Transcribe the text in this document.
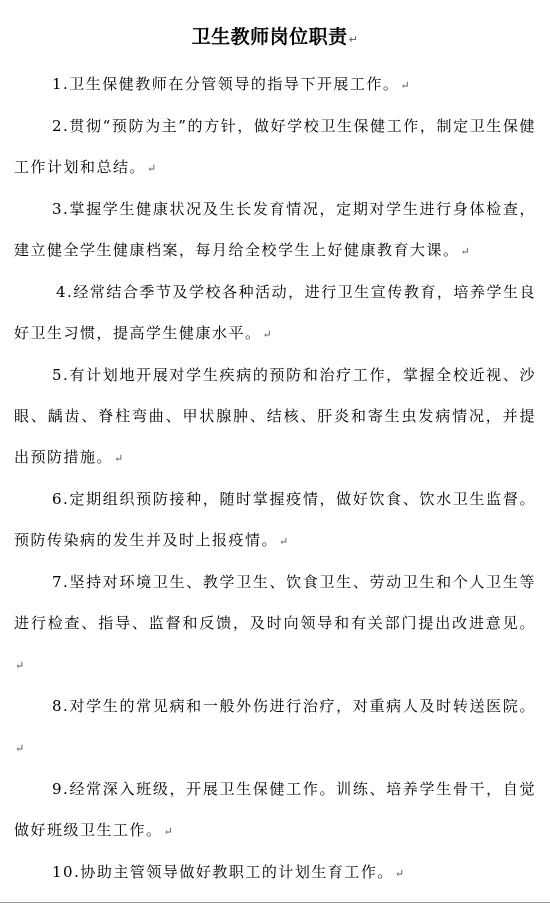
卫生教师岗位职责↵
1.卫生保健教师在分管领导的指导下开展工作。↵
2.贯彻“预防为主”的方针，做好学校卫生保健工作，制定卫生保健工作计划和总结。↵
3.掌握学生健康状况及生长发育情况，定期对学生进行身体检查，建立健全学生健康档案，每月给全校学生上好健康教育大课。↵
4.经常结合季节及学校各种活动，进行卫生宣传教育，培养学生良好卫生习惯，提高学生健康水平。↵
5.有计划地开展对学生疾病的预防和治疗工作，掌握全校近视、沙眼、龋齿、脊柱弯曲、甲状腺肿、结核、肝炎和寄生虫发病情况，并提出预防措施。↵
6.定期组织预防接种，随时掌握疫情，做好饮食、饮水卫生监督。预防传染病的发生并及时上报疫情。↵
7.坚持对环境卫生、教学卫生、饮食卫生、劳动卫生和个人卫生等进行检查、指导、监督和反馈，及时向领导和有关部门提出改进意见。↵
8.对学生的常见病和一般外伤进行治疗，对重病人及时转送医院。↵
9.经常深入班级，开展卫生保健工作。训练、培养学生骨干，自觉做好班级卫生工作。↵
10.协助主管领导做好教职工的计划生育工作。↵
